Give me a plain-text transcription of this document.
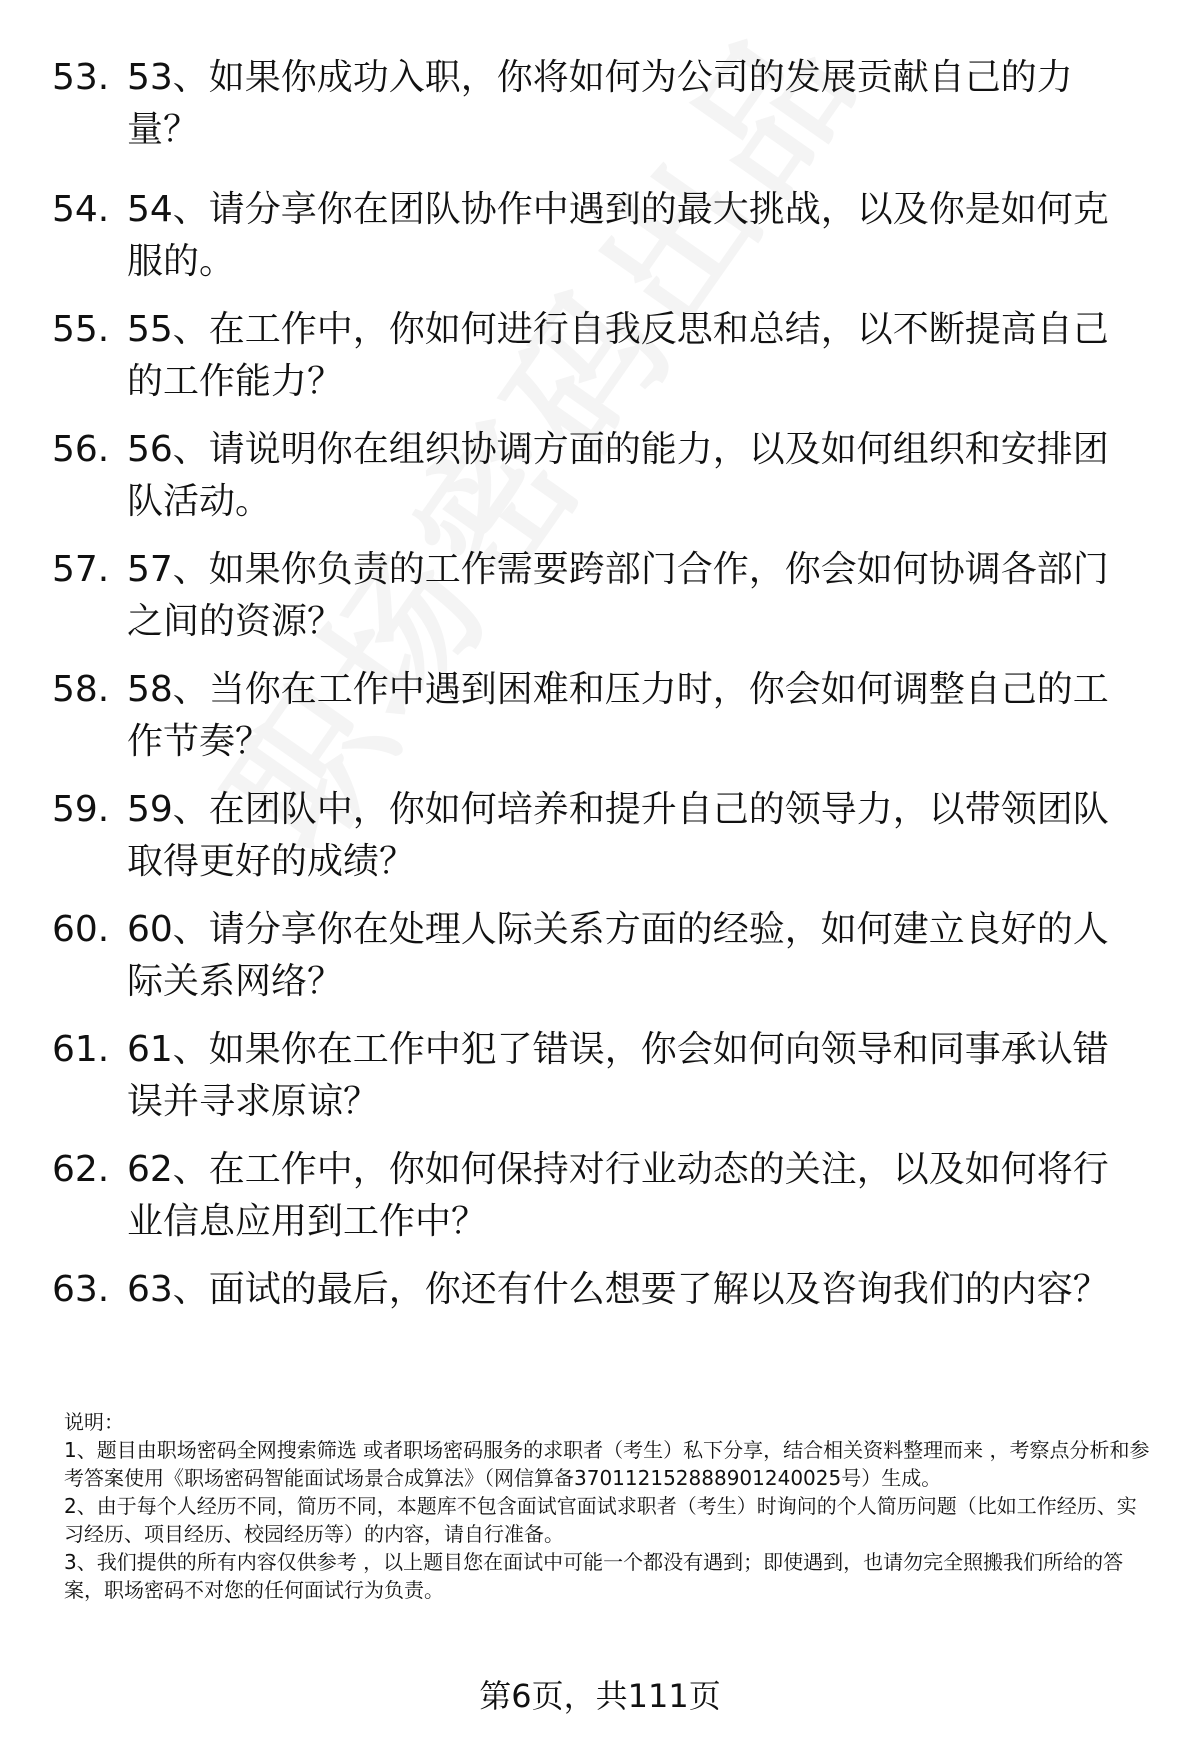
53. 53、如果你成功入职，你将如何为公司的发展贡献自己的力量？
54. 54、请分享你在团队协作中遇到的最大挑战，以及你是如何克服的。
55. 55、在工作中，你如何进行自我反思和总结，以不断提高自己的工作能力？
56. 56、请说明你在组织协调方面的能力，以及如何组织和安排团队活动。
57. 57、如果你负责的工作需要跨部门合作，你会如何协调各部门之间的资源？
58. 58、当你在工作中遇到困难和压力时，你会如何调整自己的工作节奏？
59. 59、在团队中，你如何培养和提升自己的领导力，以带领团队取得更好的成绩？
60. 60、请分享你在处理人际关系方面的经验，如何建立良好的人际关系网络？
61. 61、如果你在工作中犯了错误，你会如何向领导和同事承认错误并寻求原谅？
62. 62、在工作中，你如何保持对行业动态的关注，以及如何将行业信息应用到工作中？
63. 63、面试的最后，你还有什么想要了解以及咨询我们的内容？

说明：

1、题目由职场密码全网搜索筛选 或者职场密码服务的求职者（考生）私下分享，结合相关资料整理而来 ，考察点分析和参考答案使用《职场密码智能面试场景合成算法》（网信算备370112152888901240025号）生成。

2、由于每个人经历不同，简历不同，本题库不包含面试官面试求职者（考生）时询问的个人简历问题（比如工作经历、实习经历、项目经历、校园经历等）的内容，请自行准备。

3、我们提供的所有内容仅供参考 ，以上题目您在面试中可能一个都没有遇到；即使遇到，也请勿完全照搬我们所给的答案，职场密码不对您的任何面试行为负责。

第6页，共111页
